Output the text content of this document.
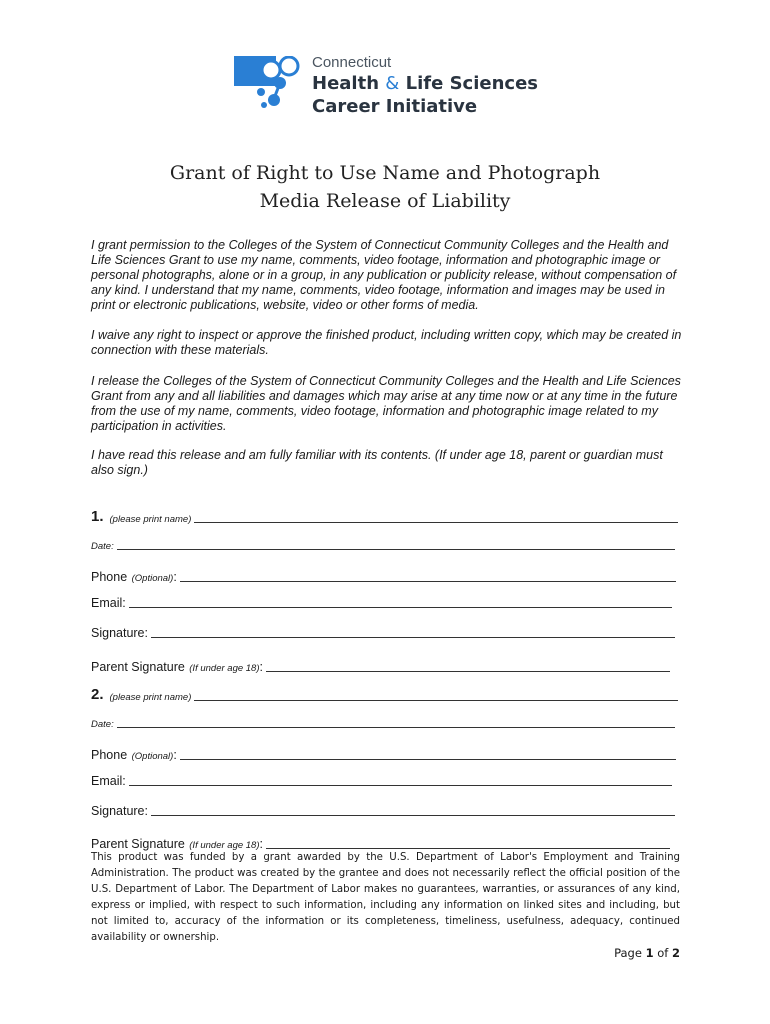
Connecticut
Health & Life Sciences
Career Initiative
Grant of Right to Use Name and Photograph
Media Release of Liability

I grant permission to the Colleges of the System of Connecticut Community Colleges and the Health and Life Sciences Grant to use my name, comments, video footage, information and photographic image or personal photographs, alone or in a group, in any publication or publicity release, without compensation of any kind. I understand that my name, comments, video footage, information and images may be used in print or electronic publications, website, video or other forms of media.

I waive any right to inspect or approve the finished product, including written copy, which may be created in connection with these materials.

I release the Colleges of the System of Connecticut Community Colleges and the Health and Life Sciences Grant from any and all liabilities and damages which may arise at any time now or at any time in the future from the use of my name, comments, video footage, information and photographic image related to my participation in activities.

I have read this release and am fully familiar with its contents. (If under age 18, parent or guardian must also sign.)

1. (please print name)
Date:
Phone
(Optional) :
Email:
Signature:
Parent Signature
(If under age 18) :
2. (please print name)
Date:
Phone
(Optional) :
Email:
Signature:
Parent Signature
(If under age 18) :

This product was funded by a grant awarded by the U.S. Department of Labor's Employment and Training Administration. The product was created by the grantee and does not necessarily reflect the official position of the U.S. Department of Labor. The Department of Labor makes no guarantees, warranties, or assurances of any kind, express or implied, with respect to such information, including any information on linked sites and including, but not limited to, accuracy of the information or its completeness, timeliness, usefulness, adequacy, continued availability or ownership.

Page 1 of 2
